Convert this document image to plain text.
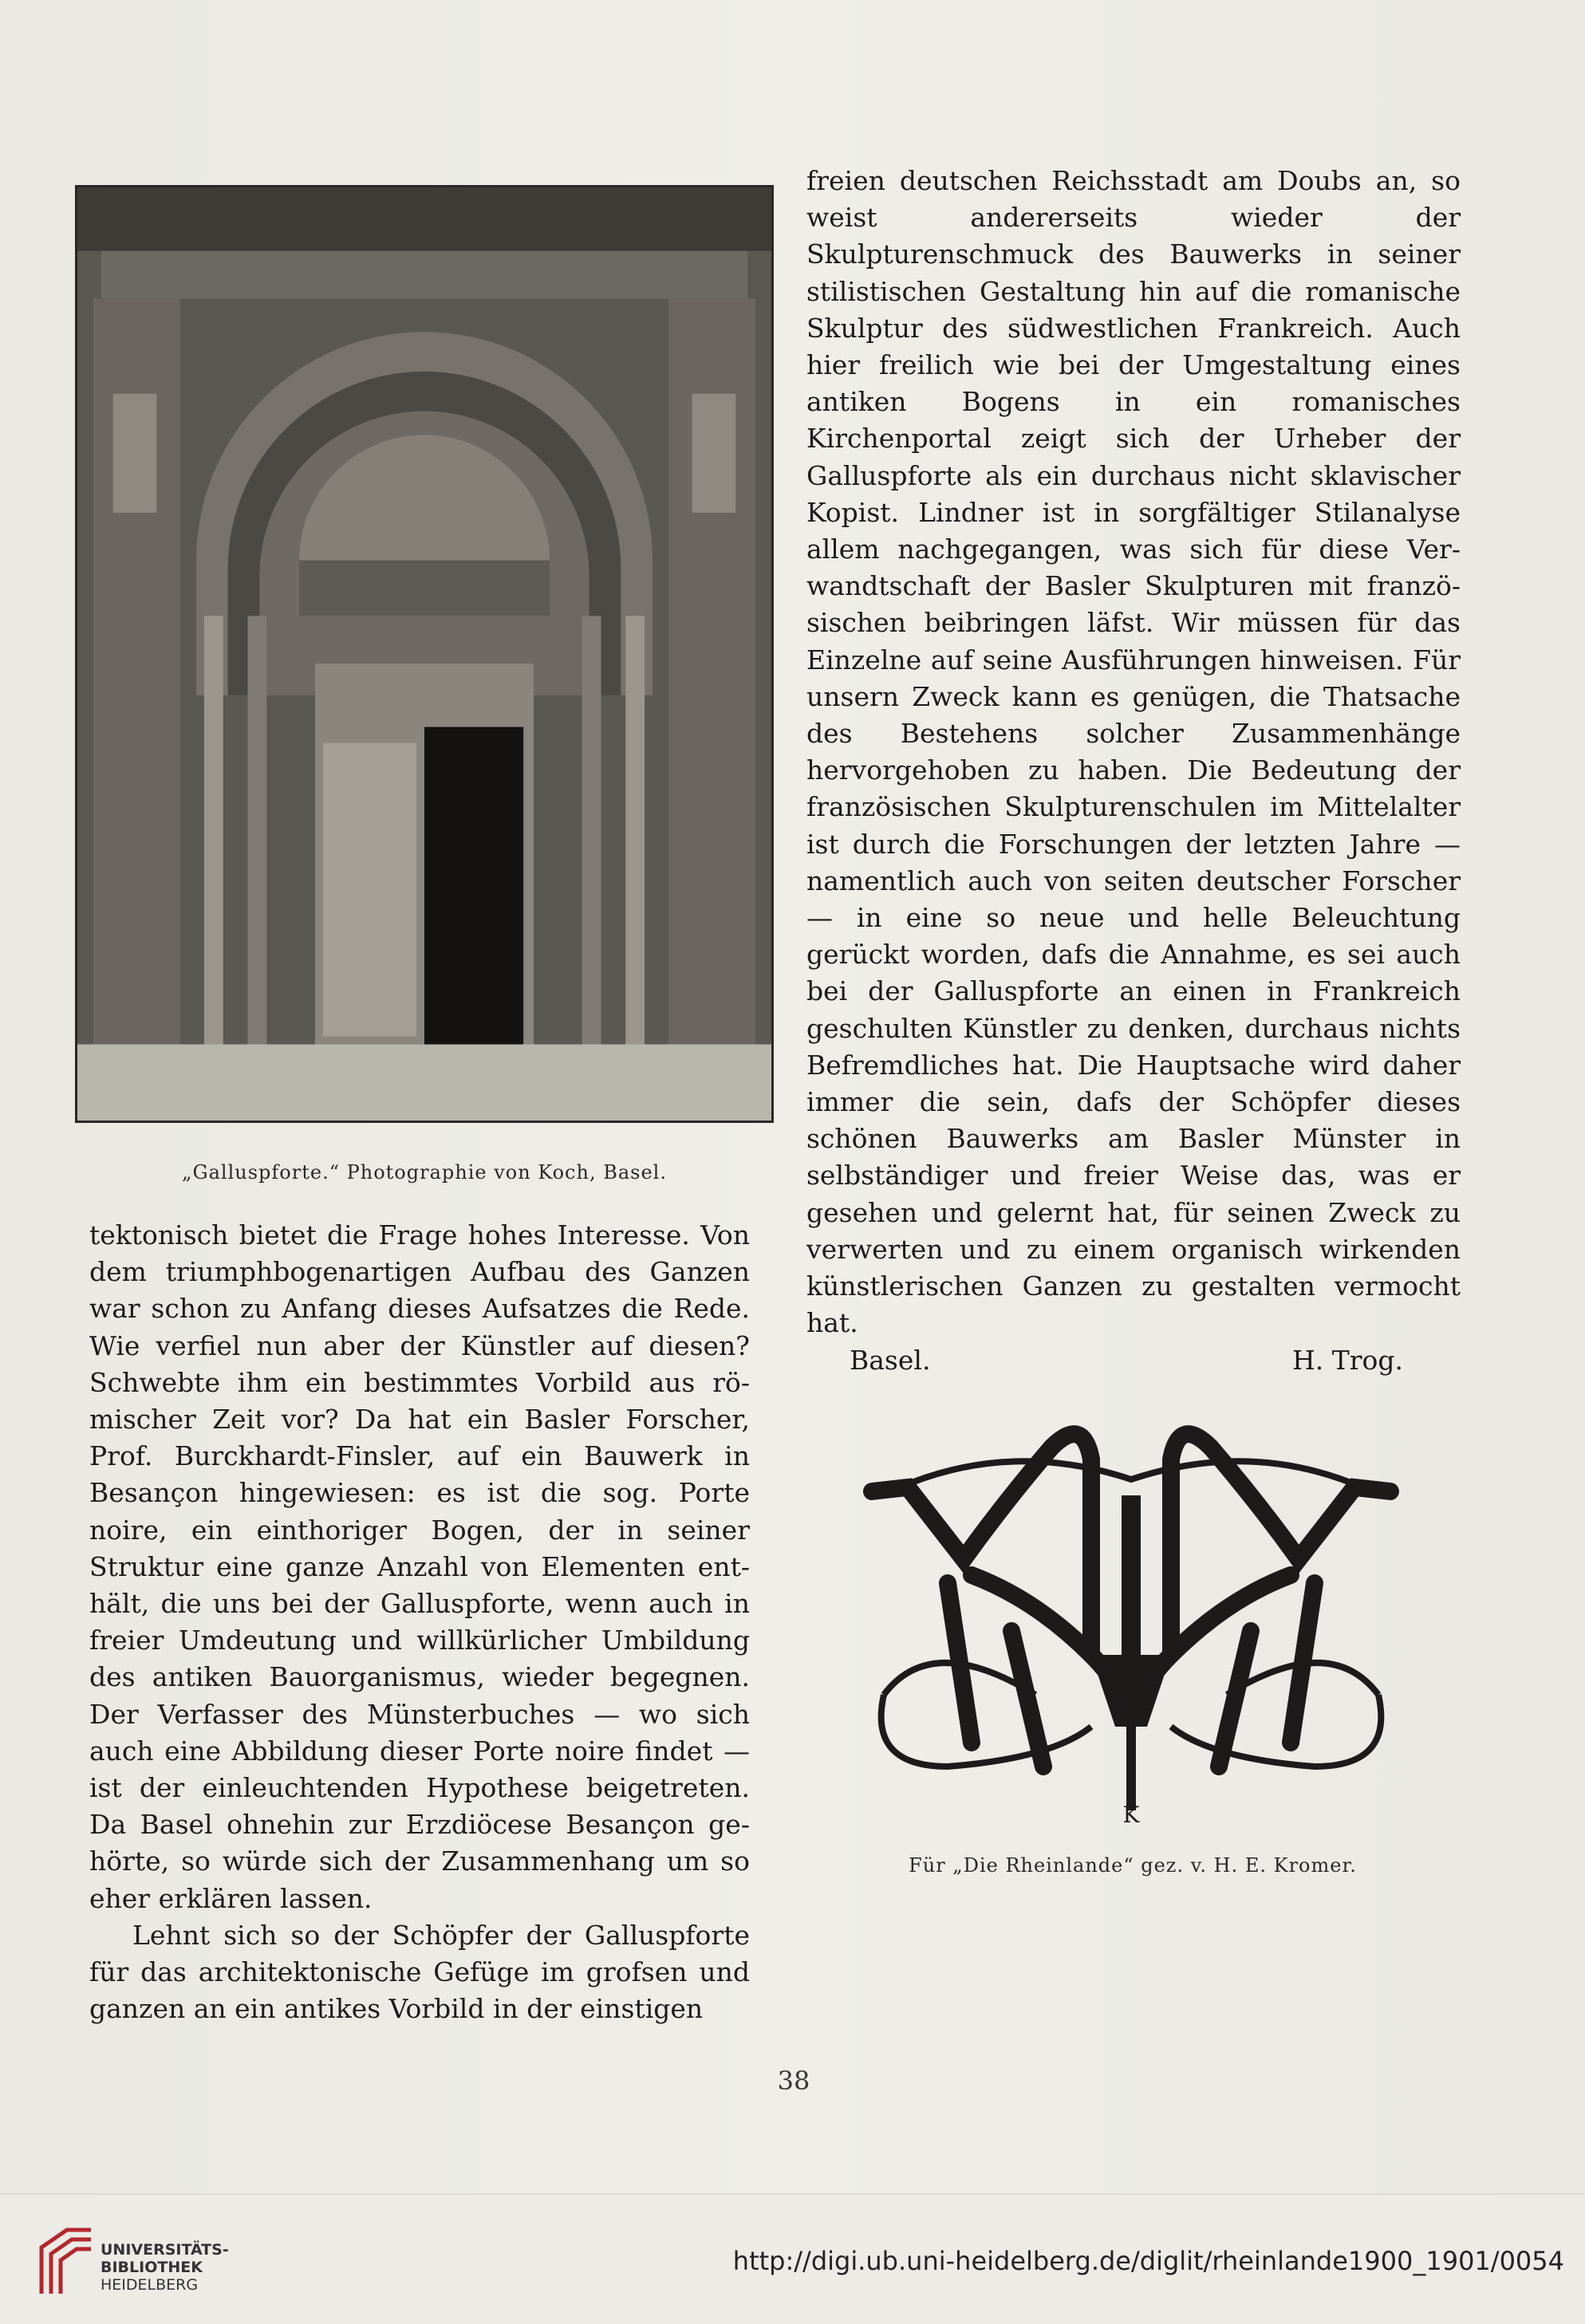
„Galluspforte.“ Photographie von Koch, Basel.

tektonisch bietet die Frage hohes Interesse. Von dem triumphbogenartigen Aufbau des Ganzen war schon zu Anfang dieses Aufsatzes die Rede. Wie verfiel nun aber der Künstler auf diesen? Schwebte ihm ein bestimmtes Vorbild aus römischer Zeit vor? Da hat ein Basler Forscher, Prof. Burckhardt-Finsler, auf ein Bauwerk in Besançon hingewiesen: es ist die sog. Porte noire, ein einthoriger Bogen, der in seiner Struktur eine ganze Anzahl von Elementen enthält, die uns bei der Galluspforte, wenn auch in freier Umdeutung und willkürlicher Umbildung des antiken Bauorganismus, wieder begegnen. Der Verfasser des Münsterbuches — wo sich auch eine Abbildung dieser Porte noire findet — ist der einleuchtenden Hypothese beigetreten. Da Basel ohnehin zur Erzdiöcese Besançon gehörte, so würde sich der Zusammenhang um so eher erklären lassen.

Lehnt sich so der Schöpfer der Galluspforte für das architektonische Gefüge im grofsen und ganzen an ein antikes Vorbild in der einstigen

freien deutschen Reichsstadt am Doubs an, so weist andererseits wieder der Skulpturenschmuck des Bauwerks in seiner stilistischen Gestaltung hin auf die romanische Skulptur des südwestlichen Frankreich. Auch hier freilich wie bei der Umgestaltung eines antiken Bogens in ein romanisches Kirchenportal zeigt sich der Urheber der Galluspforte als ein durchaus nicht sklavischer Kopist. Lindner ist in sorgfältiger Stilanalyse allem nachgegangen, was sich für diese Verwandtschaft der Basler Skulpturen mit französischen beibringen läfst. Wir müssen für das Einzelne auf seine Ausführungen hinweisen. Für unsern Zweck kann es genügen, die Thatsache des Bestehens solcher Zusammenhänge hervorgehoben zu haben. Die Bedeutung der französischen Skulpturenschulen im Mittelalter ist durch die Forschungen der letzten Jahre — namentlich auch von seiten deutscher Forscher — in eine so neue und helle Beleuchtung gerückt worden, dafs die Annahme, es sei auch bei der Galluspforte an einen in Frankreich geschulten Künstler zu denken, durchaus nichts Befremdliches hat. Die Hauptsache wird daher immer die sein, dafs der Schöpfer dieses schönen Bauwerks am Basler Münster in selbständiger und freier Weise das, was er gesehen und gelernt hat, für seinen Zweck zu verwerten und zu einem organisch wirkenden künstlerischen Ganzen zu gestalten vermocht hat.

Basel.	H. Trog.
K
Für „Die Rheinlande“ gez. v. H. E. Kromer.
38
UNIVERSITÄTS-
BIBLIOTHEK
HEIDELBERG
http://digi.ub.uni-heidelberg.de/diglit/rheinlande1900_1901/0054
